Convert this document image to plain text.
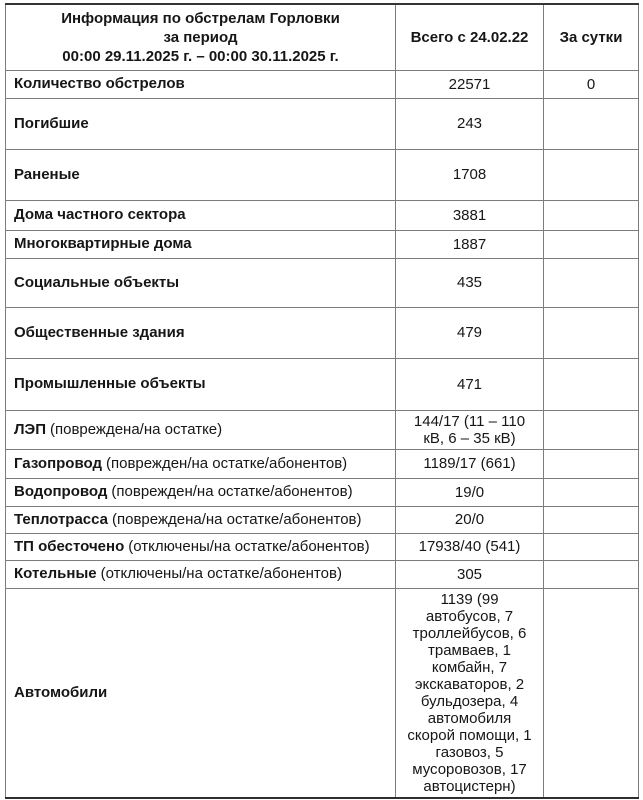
Информация по обстрелам Горловки
за период
00:00 29.11.2025 г. – 00:00 30.11.2025 г.	Всего с 24.02.22	За сутки
Количество обстрелов	22571	0
Погибшие	243	
Раненые	1708	
Дома частного сектора	3881	
Многоквартирные дома	1887	
Социальные объекты	435	
Общественные здания	479	
Промышленные объекты	471	
ЛЭП (повреждена/на остатке)	144/17 (11 – 110 кВ, 6 – 35 кВ)	
Газопровод (поврежден/на остатке/абонентов)	1189/17 (661)	
Водопровод (поврежден/на остатке/абонентов)	19/0	
Теплотрасса (повреждена/на остатке/абонентов)	20/0	
ТП обесточено (отключены/на остатке/абонентов)	17938/40 (541)	
Котельные (отключены/на остатке/абонентов)	305	
Автомобили	1139 (99 автобусов, 7 троллейбусов, 6 трамваев, 1 комбайн, 7 экскаваторов, 2 бульдозера, 4 автомобиля скорой помощи, 1 газовоз, 5 мусоровозов, 17 автоцистерн)	
